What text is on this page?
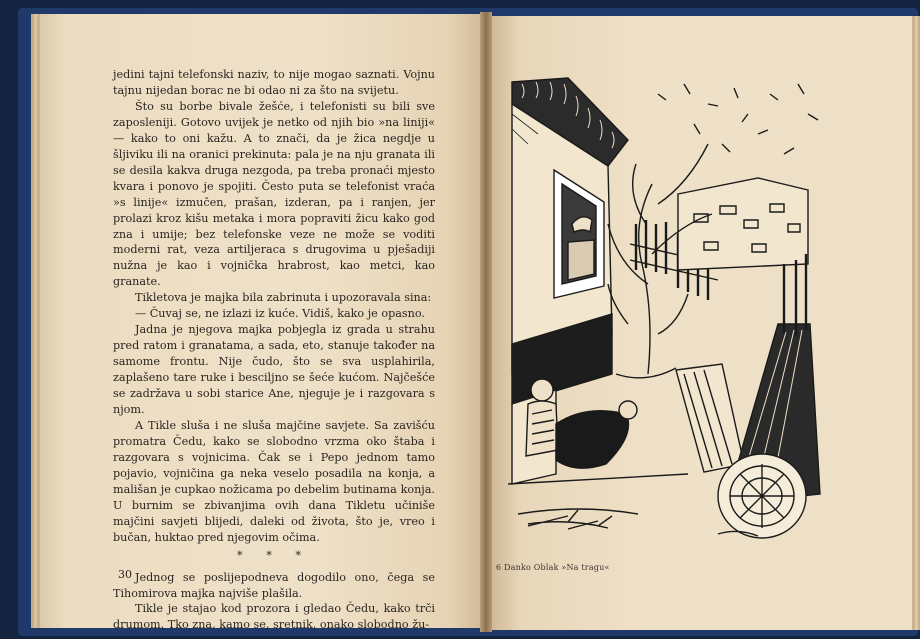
jedini tajni telefonski naziv, to nije mogao saznati. Vojnu tajnu nijedan borac ne bi odao ni za što na svijetu.

Što su borbe bivale žešće, i telefonisti su bili sve zaposleniji. Gotovo uvijek je netko od njih bio »na liniji« — kako to oni kažu. A to znači, da je žica negdje u šljiviku ili na oranici prekinuta: pala je na nju granata ili se desila kakva druga nezgoda, pa treba pronaći mjesto kvara i ponovo je spojiti. Često puta se telefonist vraća »s linije« izmučen, prašan, izderan, pa i ranjen, jer prolazi kroz kišu metaka i mora popraviti žicu kako god zna i umije; bez telefonske veze ne može se voditi moderni rat, veza artiljeraca s drugovima u pješadiji nužna je kao i vojnička hrabrost, kao metci, kao granate.

Tikletova je majka bila zabrinuta i upozoravala sina:

— Čuvaj se, ne izlazi iz kuće. Vidiš, kako je opasno.

Jadna je njegova majka pobjegla iz grada u strahu pred ratom i granatama, a sada, eto, stanuje također na samome frontu. Nije čudo, što se sva usplahirila, zaplašeno tare ruke i besciljno se šeće kućom. Najčešće se zadržava u sobi starice Ane, njeguje je i razgovara s njom.

A Tikle sluša i ne sluša majčine savjete. Sa zavišću promatra Čedu, kako se slobodno vrzma oko štaba i razgovara s vojnicima. Čak se i Pepo jednom tamo pojavio, vojničina ga neka veselo posadila na konja, a mališan je cupkao nožicama po debelim butinama konja. U burnim se zbivanjima ovih dana Tikletu učiniše majčini savjeti blijedi, daleki od života, što je, vreo i bučan, huktao pred njegovim očima.

* * *

Jednog se poslijepodneva dogodilo ono, čega se Tihomirova majka najviše plašila.

Tikle je stajao kod prozora i gledao Čedu, kako trči drumom. Tko zna, kamo se, sretnik, onako slobodno žu-

30
6 Danko Oblak »Na tragu«
